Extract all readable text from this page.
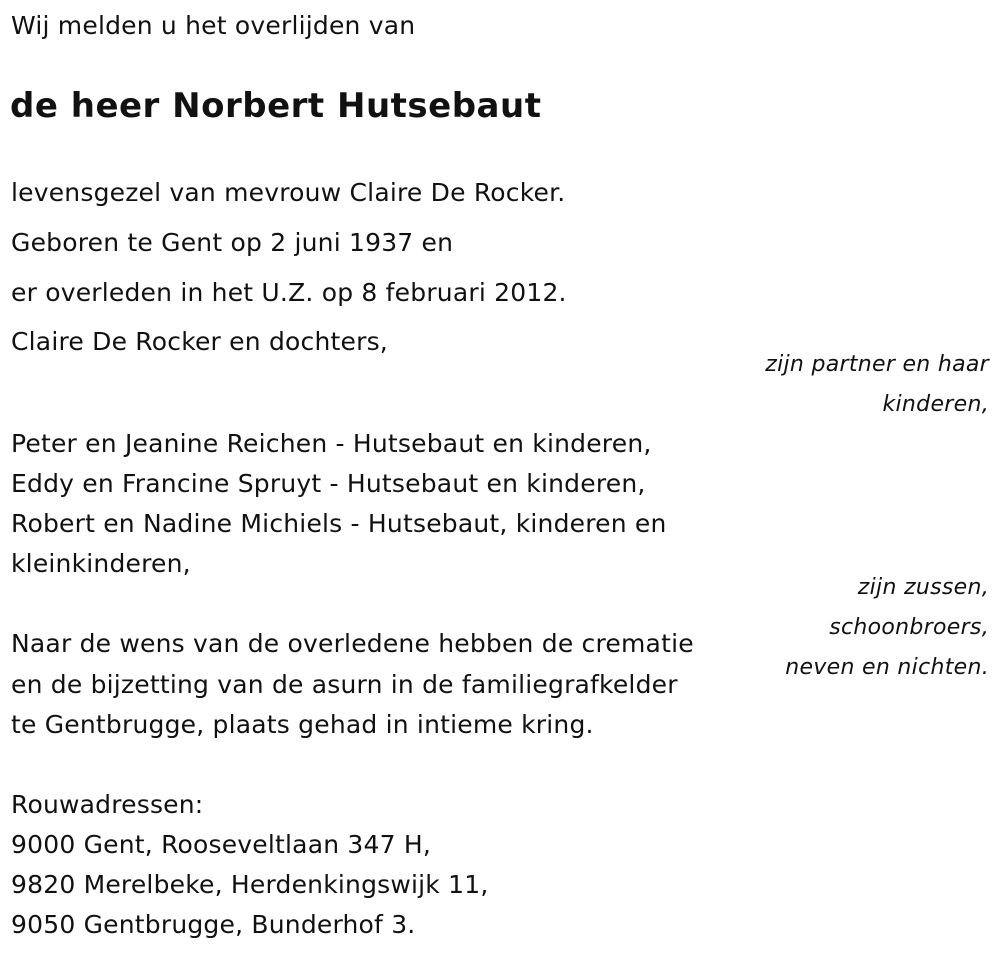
Wij melden u het overlijden van
de heer Norbert Hutsebaut
levensgezel van mevrouw Claire De Rocker.
Geboren te Gent op 2 juni 1937 en
er overleden in het U.Z. op 8 februari 2012.
Claire De Rocker en dochters,
zijn partner en haar
kinderen,
Peter en Jeanine Reichen - Hutsebaut en kinderen,
Eddy en Francine Spruyt - Hutsebaut en kinderen,
Robert en Nadine Michiels - Hutsebaut, kinderen en
kleinkinderen,
zijn zussen,
schoonbroers,
neven en nichten.
Naar de wens van de overledene hebben de crematie
en de bijzetting van de asurn in de familiegrafkelder
te Gentbrugge, plaats gehad in intieme kring.
Rouwadressen:
9000 Gent, Rooseveltlaan 347 H,
9820 Merelbeke, Herdenkingswijk 11,
9050 Gentbrugge, Bunderhof 3.
